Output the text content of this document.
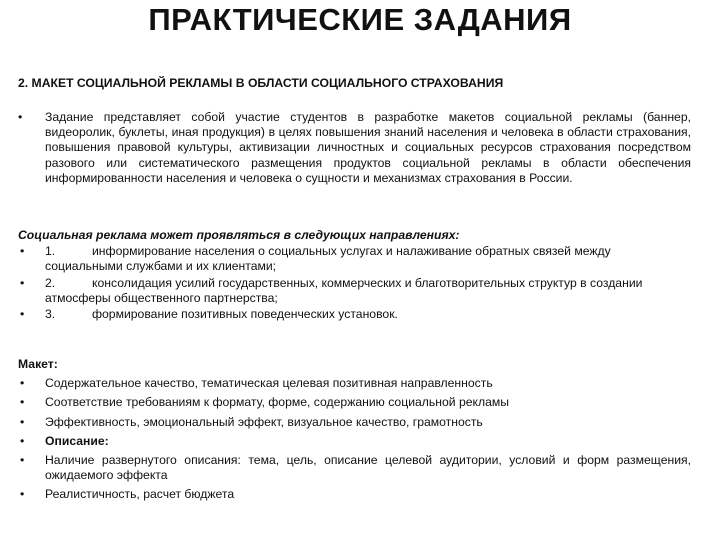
ПРАКТИЧЕСКИЕ ЗАДАНИЯ
2. МАКЕТ СОЦИАЛЬНОЙ РЕКЛАМЫ В ОБЛАСТИ СОЦИАЛЬНОГО СТРАХОВАНИЯ
• Задание представляет собой участие студентов в разработке макетов социальной рекламы (баннер, видеоролик, буклеты, иная продукция) в целях повышения знаний населения и человека в области страхования, повышения правовой культуры, активизации личностных и социальных ресурсов страхования посредством разового или систематического размещения продуктов социальной рекламы в области обеспечения информированности населения и человека о сущности и механизмах страхования в России.
Социальная реклама может проявляться в следующих направлениях:
• 1.	информирование населения о социальных услугах и налаживание обратных связей между социальными службами и их клиентами;
• 2.	консолидация усилий государственных, коммерческих и благотворительных структур в создании атмосферы общественного партнерства;
• 3.	формирование позитивных поведенческих установок.
Макет:
• Содержательное качество, тематическая целевая позитивная направленность
• Соответствие требованиям к формату, форме, содержанию социальной рекламы
• Эффективность, эмоциональный эффект, визуальное качество, грамотность
• Описание:
• Наличие развернутого описания: тема, цель, описание целевой аудитории, условий и форм размещения, ожидаемого эффекта
• Реалистичность, расчет бюджета
